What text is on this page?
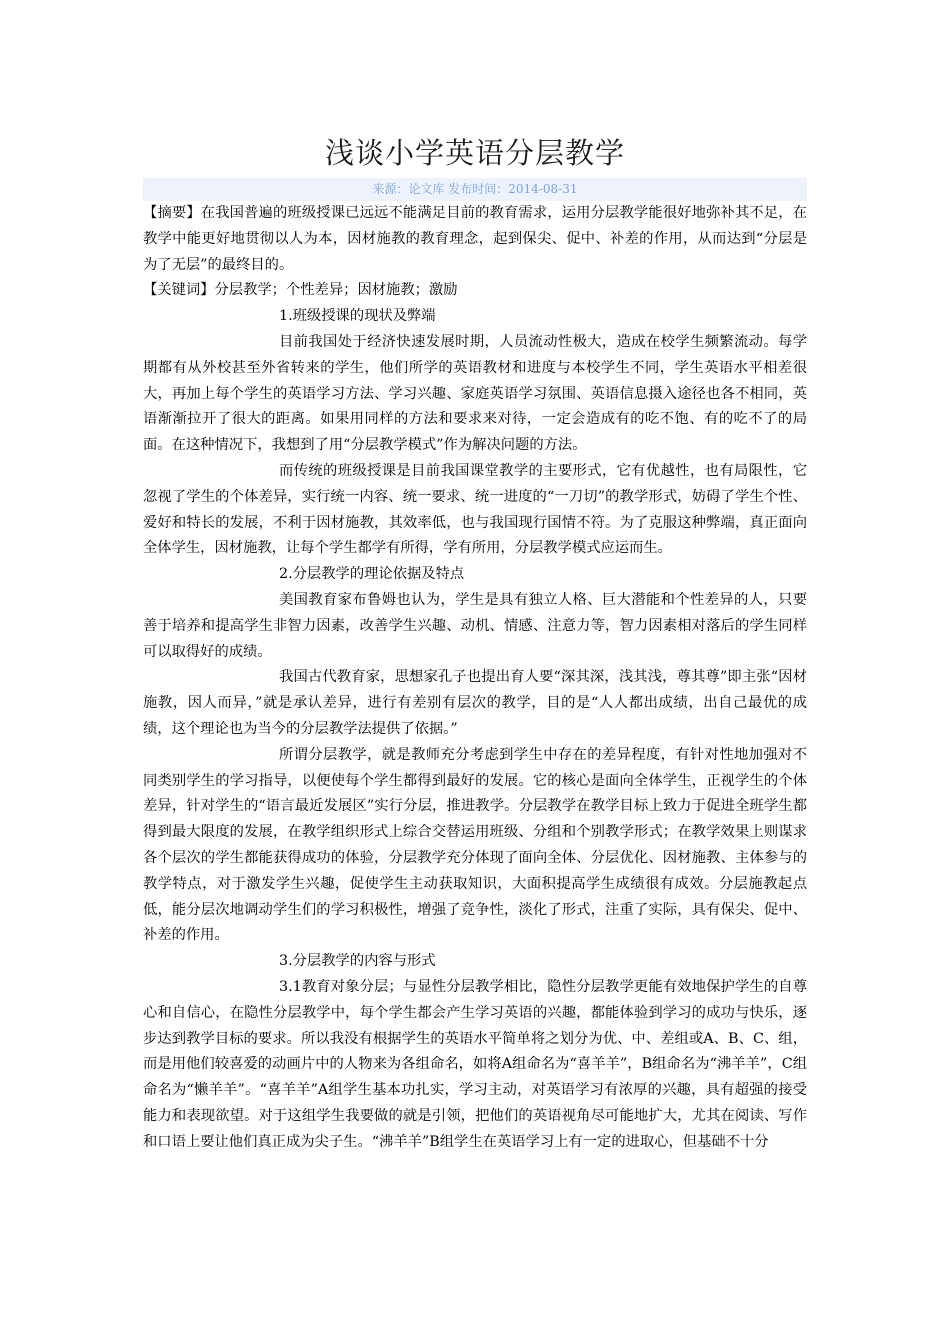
浅谈小学英语分层教学
来源：论文库 发布时间：2014-08-31

【摘要】在我国普遍的班级授课已远远不能满足目前的教育需求，运用分层教学能很好地弥补其不足，在教学中能更好地贯彻以人为本，因材施教的教育理念，起到保尖、促中、补差的作用，从而达到“分层是为了无层”的最终目的。

【关键词】分层教学；个性差异；因材施教；激励

1.班级授课的现状及弊端

目前我国处于经济快速发展时期，人员流动性极大，造成在校学生频繁流动。每学期都有从外校甚至外省转来的学生，他们所学的英语教材和进度与本校学生不同，学生英语水平相差很大，再加上每个学生的英语学习方法、学习兴趣、家庭英语学习氛围、英语信息摄入途径也各不相同，英语渐渐拉开了很大的距离。如果用同样的方法和要求来对待，一定会造成有的吃不饱、有的吃不了的局面。在这种情况下，我想到了用“分层教学模式”作为解决问题的方法。

而传统的班级授课是目前我国课堂教学的主要形式，它有优越性，也有局限性，它忽视了学生的个体差异，实行统一内容、统一要求、统一进度的“一刀切”的教学形式，妨碍了学生个性、爱好和特长的发展，不利于因材施教，其效率低，也与我国现行国情不符。为了克服这种弊端，真正面向全体学生，因材施教，让每个学生都学有所得，学有所用，分层教学模式应运而生。

2.分层教学的理论依据及特点

美国教育家布鲁姆也认为，学生是具有独立人格、巨大潜能和个性差异的人，只要善于培养和提高学生非智力因素，改善学生兴趣、动机、情感、注意力等，智力因素相对落后的学生同样可以取得好的成绩。

我国古代教育家，思想家孔子也提出育人要“深其深，浅其浅，尊其尊”即主张“因材施教，因人而异，”就是承认差异，进行有差别有层次的教学，目的是“人人都出成绩，出自己最优的成绩，这个理论也为当今的分层教学法提供了依据。”

所谓分层教学，就是教师充分考虑到学生中存在的差异程度，有针对性地加强对不同类别学生的学习指导，以便使每个学生都得到最好的发展。它的核心是面向全体学生，正视学生的个体差异，针对学生的“语言最近发展区”实行分层，推进教学。分层教学在教学目标上致力于促进全班学生都得到最大限度的发展，在教学组织形式上综合交替运用班级、分组和个别教学形式；在教学效果上则谋求各个层次的学生都能获得成功的体验，分层教学充分体现了面向全体、分层优化、因材施教、主体参与的教学特点，对于激发学生兴趣，促使学生主动获取知识，大面积提高学生成绩很有成效。分层施教起点低，能分层次地调动学生们的学习积极性，增强了竞争性，淡化了形式，注重了实际，具有保尖、促中、补差的作用。

3.分层教学的内容与形式

3.1教育对象分层；与显性分层教学相比，隐性分层教学更能有效地保护学生的自尊心和自信心，在隐性分层教学中，每个学生都会产生学习英语的兴趣，都能体验到学习的成功与快乐，逐步达到教学目标的要求。所以我没有根据学生的英语水平简单将之划分为优、中、差组或A、B、C、组，而是用他们较喜爱的动画片中的人物来为各组命名，如将A组命名为“喜羊羊”，B组命名为“沸羊羊”，C组命名为“懒羊羊”。“喜羊羊”A组学生基本功扎实，学习主动，对英语学习有浓厚的兴趣，具有超强的接受能力和表现欲望。对于这组学生我要做的就是引领，把他们的英语视角尽可能地扩大，尤其在阅读、写作和口语上要让他们真正成为尖子生。“沸羊羊”B组学生在英语学习上有一定的进取心，但基础不十分
